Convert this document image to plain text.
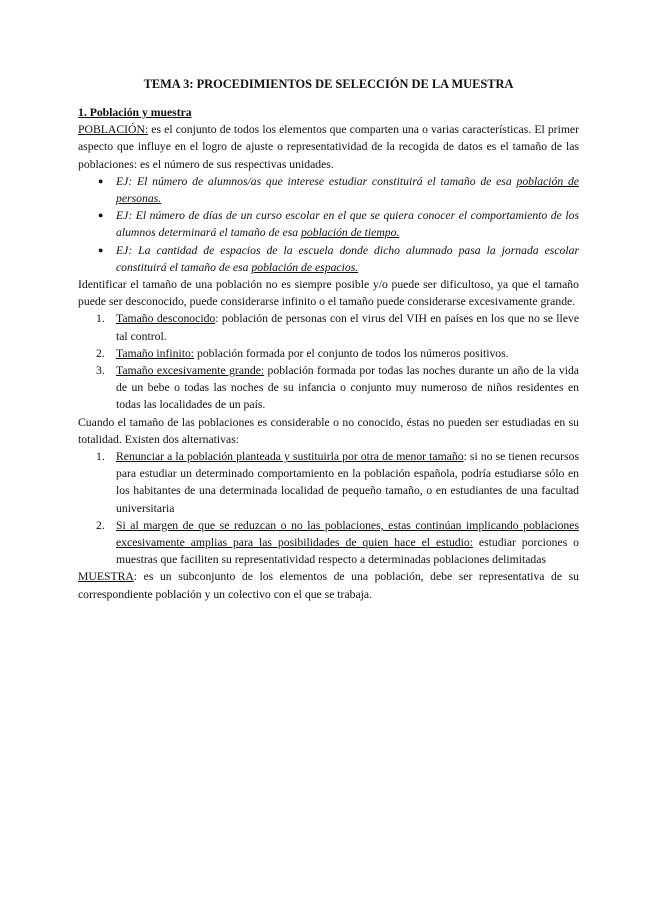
TEMA 3: PROCEDIMIENTOS DE SELECCIÓN DE LA MUESTRA
1. Población y muestra

POBLACIÓN: es el conjunto de todos los elementos que comparten una o varias características. El primer aspecto que influye en el logro de ajuste o representatividad de la recogida de datos es el tamaño de las poblaciones: es el número de sus respectivas unidades.

● EJ: El número de alumnos/as que interese estudiar constituirá el tamaño de esa población de personas.
● EJ: El número de días de un curso escolar en el que se quiera conocer el comportamiento de los alumnos determinará el tamaño de esa población de tiempo.
● EJ: La cantidad de espacios de la escuela donde dicho alumnado pasa la jornada escolar constituirá el tamaño de esa población de espacios.

Identificar el tamaño de una población no es siempre posible y/o puede ser dificultoso, ya que el tamaño puede ser desconocido, puede considerarse infinito o el tamaño puede considerarse excesivamente grande.

1. Tamaño desconocido: población de personas con el virus del VIH en países en los que no se lleve tal control.
2. Tamaño infinito: población formada por el conjunto de todos los números positivos.
3. Tamaño excesivamente grande: población formada por todas las noches durante un año de la vida de un bebe o todas las noches de su infancia o conjunto muy numeroso de niños residentes en todas las localidades de un país.

Cuando el tamaño de las poblaciones es considerable o no conocido, éstas no pueden ser estudiadas en su totalidad. Existen dos alternativas:

1. Renunciar a la población planteada y sustituirla por otra de menor tamaño: si no se tienen recursos para estudiar un determinado comportamiento en la población española, podría estudiarse sólo en los habitantes de una determinada localidad de pequeño tamaño, o en estudiantes de una facultad universitaria
2. Si al margen de que se reduzcan o no las poblaciones, estas continúan implicando poblaciones excesivamente amplias para las posibilidades de quien hace el estudio: estudiar porciones o muestras que faciliten su representatividad respecto a determinadas poblaciones delimitadas

MUESTRA: es un subconjunto de los elementos de una población, debe ser representativa de su correspondiente población y un colectivo con el que se trabaja.
